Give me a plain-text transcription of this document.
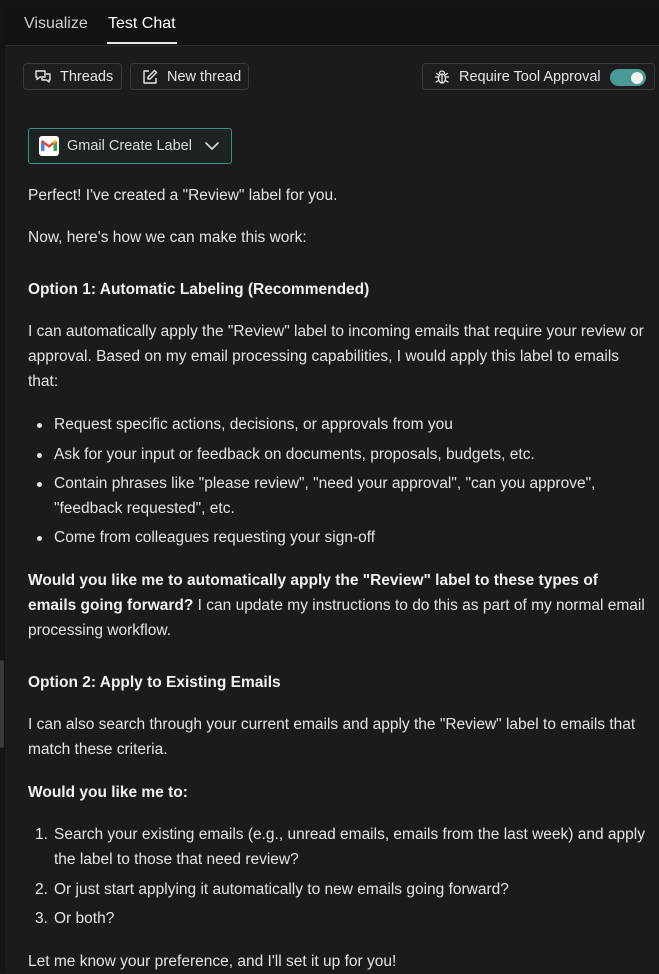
Visualize Test Chat
Threads	New thread	Require Tool Approval
Gmail Create Label

Perfect! I've created a "Review" label for you.

Now, here's how we can make this work:

Option 1: Automatic Labeling (Recommended)

I can automatically apply the "Review" label to incoming emails that require your review or approval. Based on my email processing capabilities, I would apply this label to emails that:

Request specific actions, decisions, or approvals from you
Ask for your input or feedback on documents, proposals, budgets, etc.
Contain phrases like "please review", "need your approval", "can you approve", "feedback requested", etc.
Come from colleagues requesting your sign-off

Would you like me to automatically apply the "Review" label to these types of emails going forward? I can update my instructions to do this as part of my normal email processing workflow.

Option 2: Apply to Existing Emails

I can also search through your current emails and apply the "Review" label to emails that match these criteria.

Would you like me to:

1. Search your existing emails (e.g., unread emails, emails from the last week) and apply the label to those that need review?
2. Or just start applying it automatically to new emails going forward?
3. Or both?

Let me know your preference, and I'll set it up for you!
